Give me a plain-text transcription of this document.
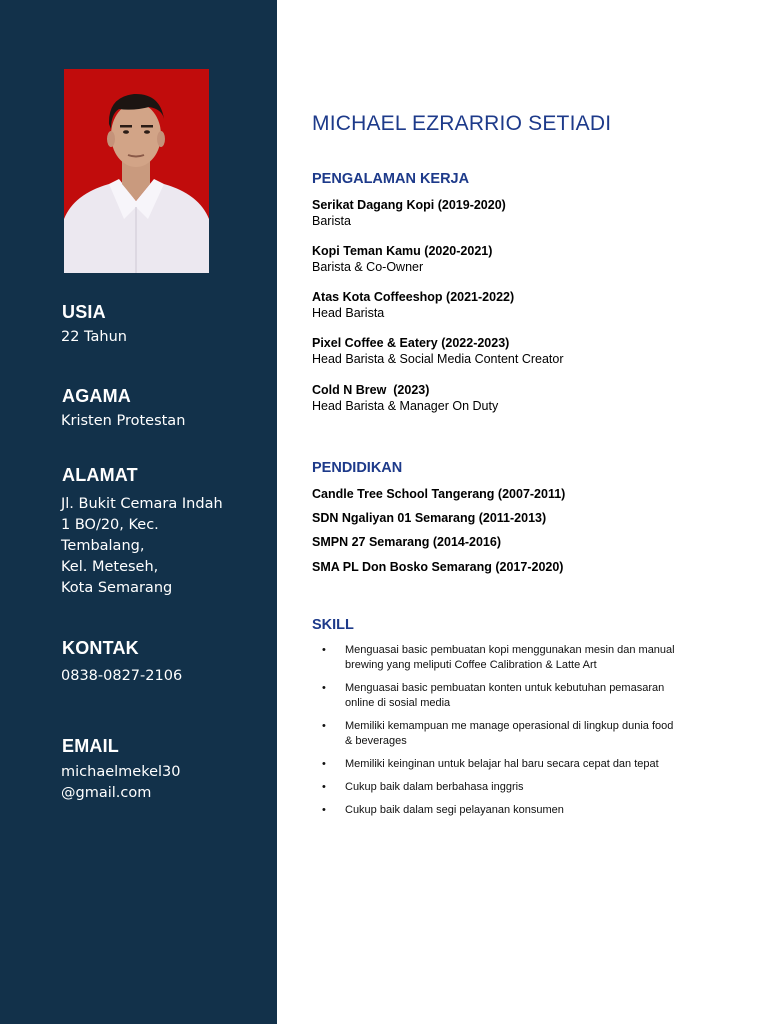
USIA
22 Tahun
AGAMA
Kristen Protestan
ALAMAT
Jl. Bukit Cemara Indah
1 BO/20, Kec.
Tembalang,
Kel. Meteseh,
Kota Semarang
KONTAK
0838-0827-2106
EMAIL
michaelmekel30
@gmail.com
MICHAEL EZRARRIO SETIADI
PENGALAMAN KERJA
Serikat Dagang Kopi (2019-2020)
Barista
Kopi Teman Kamu (2020-2021)
Barista & Co-Owner
Atas Kota Coffeeshop (2021-2022)
Head Barista
Pixel Coffee & Eatery (2022-2023)
Head Barista & Social Media Content Creator
Cold N Brew  (2023)
Head Barista & Manager On Duty
PENDIDIKAN
Candle Tree School Tangerang (2007-2011)
SDN Ngaliyan 01 Semarang (2011-2013)
SMPN 27 Semarang (2014-2016)
SMA PL Don Bosko Semarang (2017-2020)
SKILL
• Menguasai basic pembuatan kopi menggunakan mesin dan manual brewing yang meliputi Coffee Calibration & Latte Art
• Menguasai basic pembuatan konten untuk kebutuhan pemasaran online di sosial media
• Memiliki kemampuan me manage operasional di lingkup dunia food & beverages
• Memiliki keinginan untuk belajar hal baru secara cepat dan tepat
• Cukup baik dalam berbahasa inggris
• Cukup baik dalam segi pelayanan konsumen
